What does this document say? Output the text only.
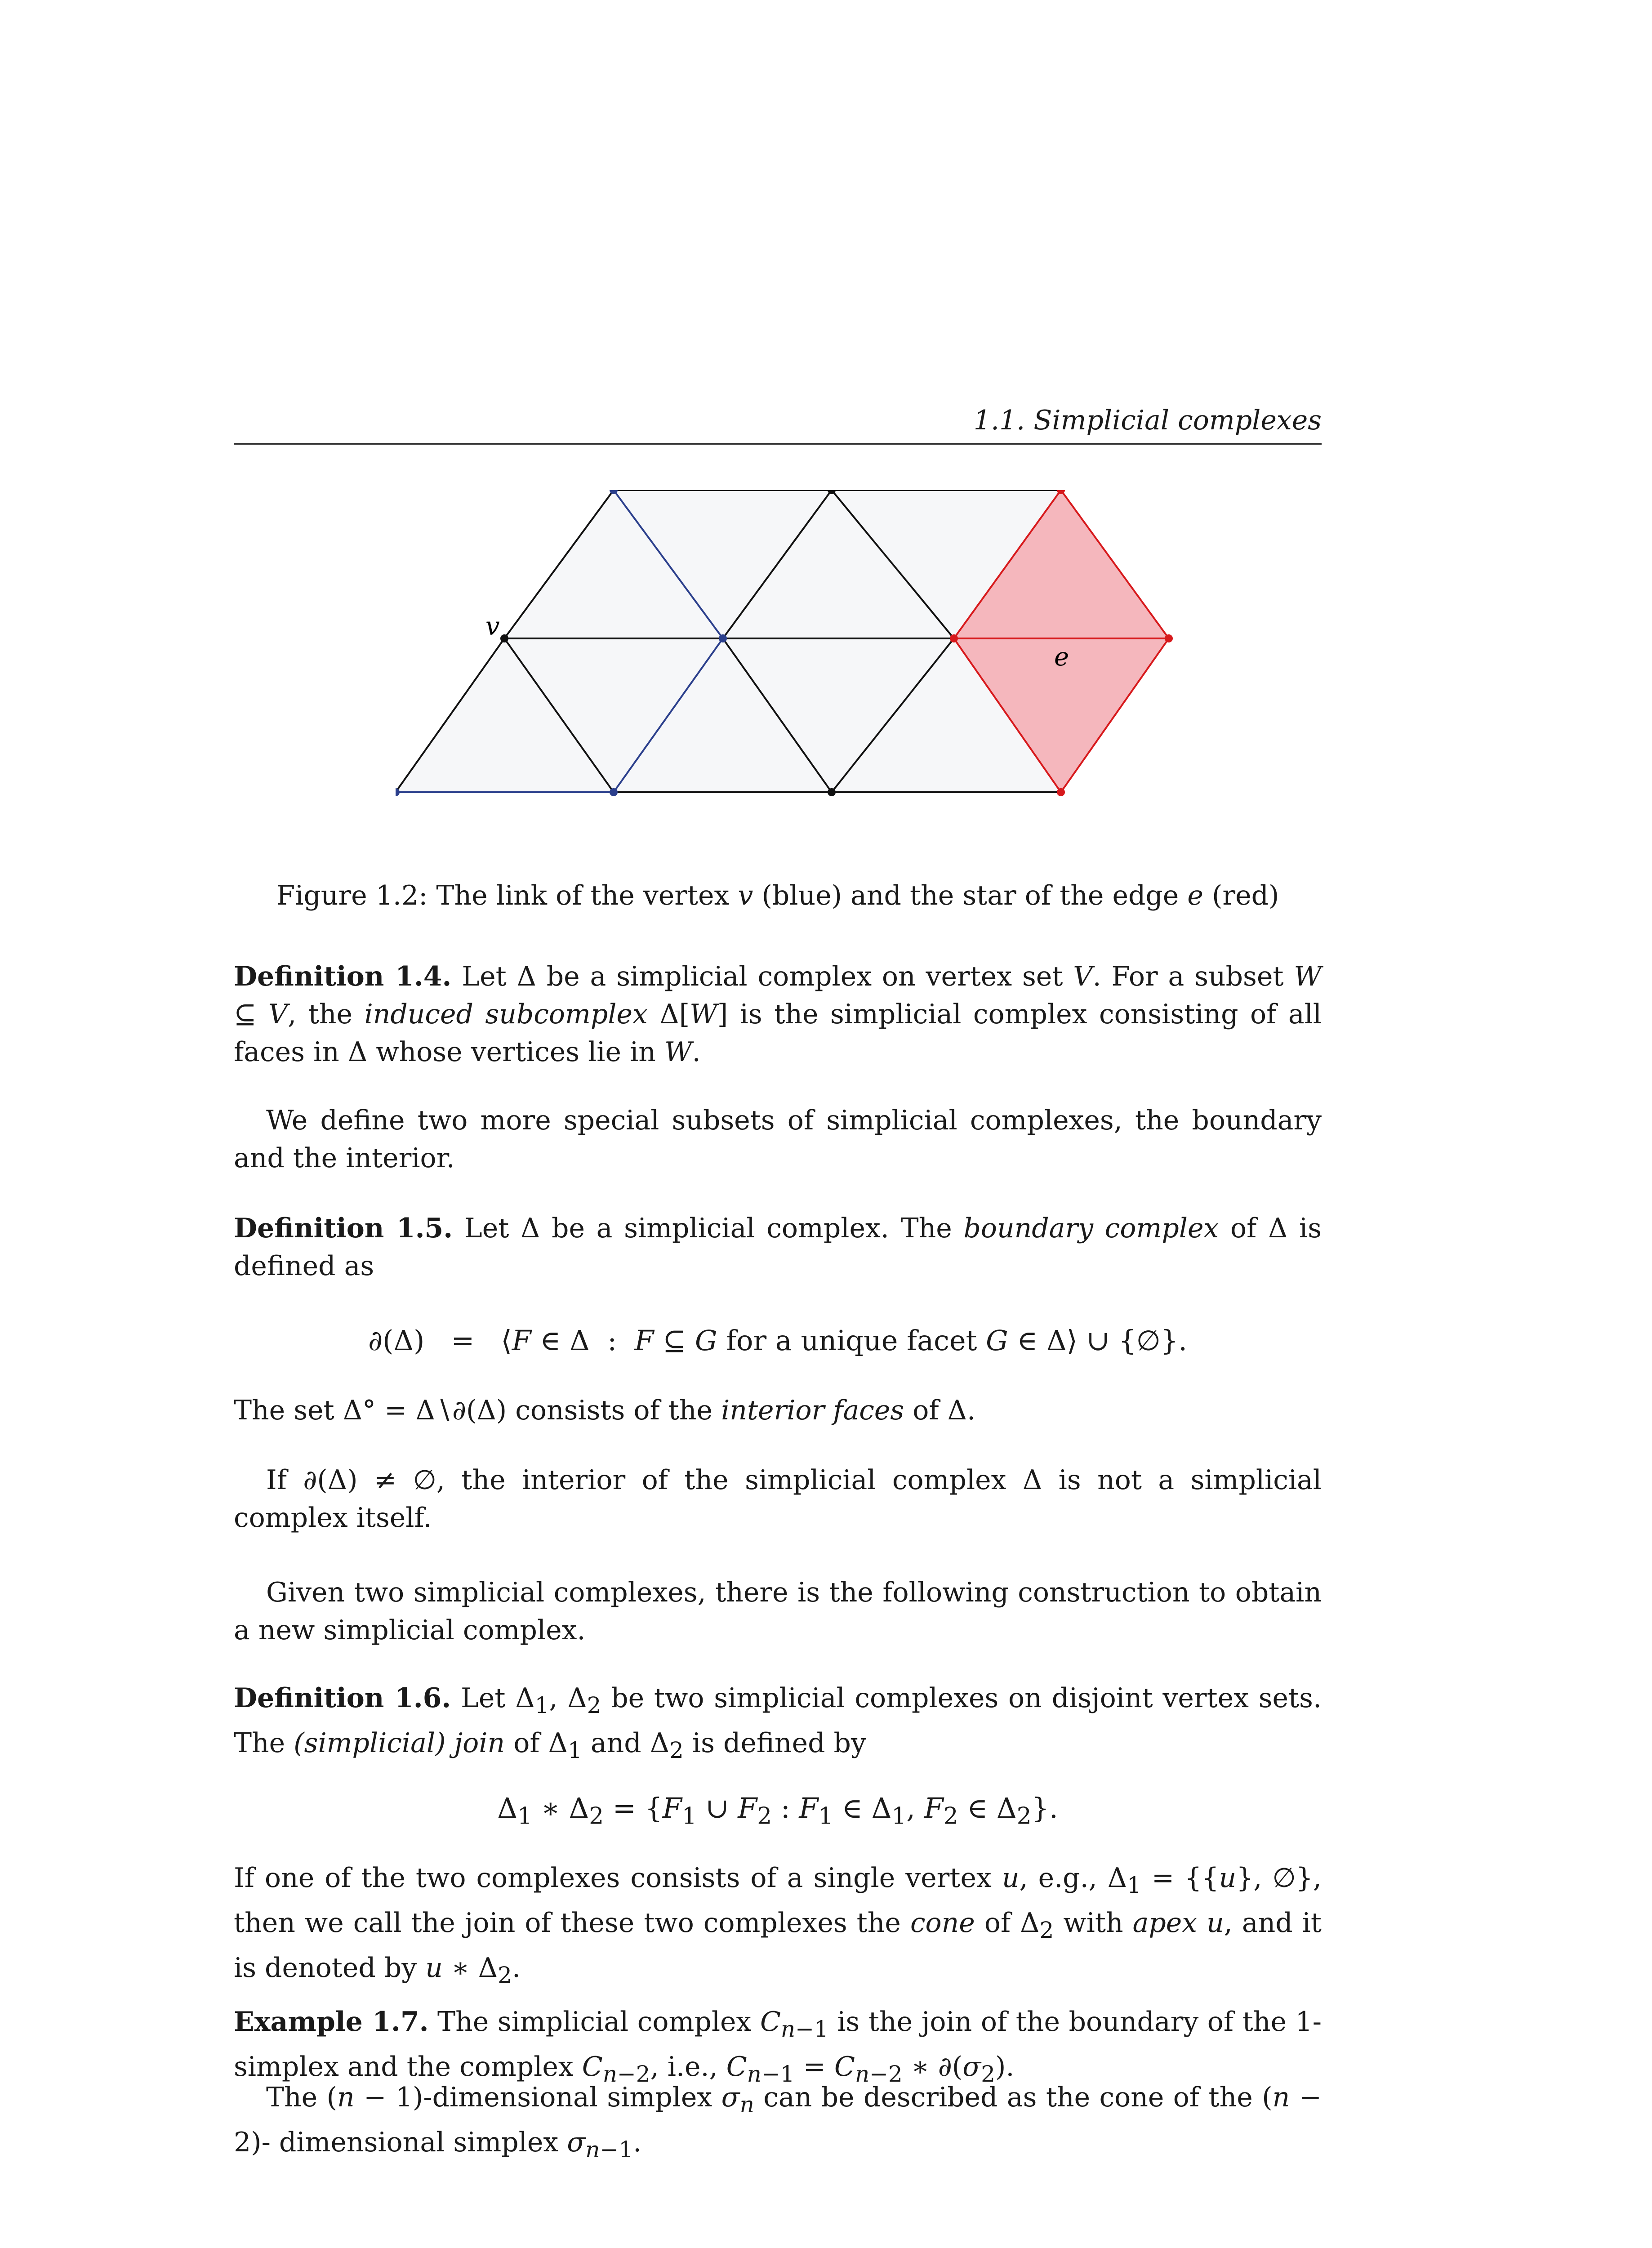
1.1. Simplicial complexes
v
e
Figure 1.2: The link of the vertex v (blue) and the star of the edge e (red)
Definition 1.4. Let Δ be a simplicial complex on vertex set V. For a subset W ⊆ V, the induced subcomplex Δ[W] is the simplicial complex consisting of all faces in Δ whose vertices lie in W.
We define two more special subsets of simplicial complexes, the boundary and the interior.
Definition 1.5. Let Δ be a simplicial complex. The boundary complex of Δ is defined as
∂(Δ)   =   ⟨F ∈ Δ  :  F ⊆ G for a unique facet G ∈ Δ⟩ ∪ {∅}.
The set Δ° = Δ∖∂(Δ) consists of the interior faces of Δ.
If ∂(Δ) ≠ ∅, the interior of the simplicial complex Δ is not a simplicial complex itself.
Given two simplicial complexes, there is the following construction to obtain a new simplicial complex.
Definition 1.6. Let $\Delta_1$, $\Delta_2$ be two simplicial complexes on disjoint vertex sets. The (simplicial) join of $\Delta_1$ and $\Delta_2$ is defined by
$\Delta_1$ ∗ $\Delta_2 = \{F_1$ ∪ $F_2$ : $F_1$ ∈ $\Delta_1$, $F_2$ ∈ $\Delta_2$}.
If one of the two complexes consists of a single vertex u, e.g., $\Delta_1 = \{\{u\}$, ∅}, then we call the join of these two complexes the cone of $\Delta_2$ with apex u, and it is denoted by u ∗ $\Delta_2$.
Example 1.7. The simplicial complex $C_{n-1}$ is the join of the boundary of the 1-simplex and the complex $C_{n-2}$, i.e., $C_{n-1} = C_{n-2}$ ∗ $\partial(\sigma_2)$.
The (n − 1)-dimensional simplex $\sigma_n$ can be described as the cone of the (n − 2)- dimensional simplex $\sigma_{n-1}$.
